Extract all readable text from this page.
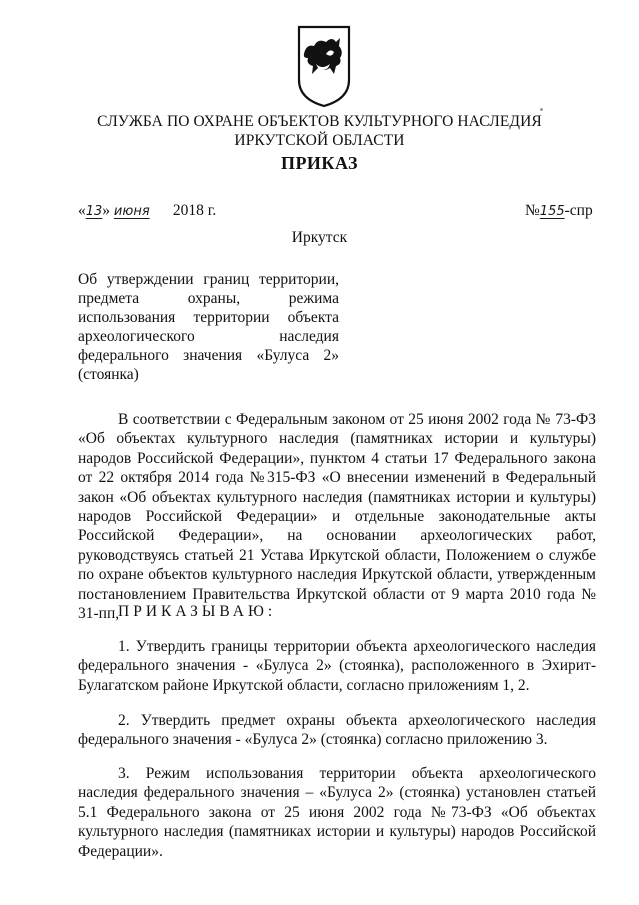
СЛУЖБА ПО ОХРАНЕ ОБЪЕКТОВ КУЛЬТУРНОГО НАСЛЕДИЯ
ИРКУТСКОЙ ОБЛАСТИ
ПРИКАЗ
«13» июня 2018 г.	№155-спр
Иркутск
Об утверждении границ территории, предмета охраны, режима использования территории объекта археологического наследия федерального значения «Булуса 2» (стоянка)
В соответствии с Федеральным законом от 25 июня 2002 года № 73-ФЗ «Об объектах культурного наследия (памятниках истории и культуры) народов Российской Федерации», пунктом 4 статьи 17 Федерального закона от 22 октября 2014 года №315-ФЗ «О внесении изменений в Федеральный закон «Об объектах культурного наследия (памятниках истории и культуры) народов Российской Федерации» и отдельные законодательные акты Российской Федерации», на основании археологических работ, руководствуясь статьей 21 Устава Иркутской области, Положением о службе по охране объектов культурного наследия Иркутской области, утвержденным постановлением Правительства Иркутской области от 9 марта 2010 года № 31-пп,
ПРИКАЗЫВАЮ:
1. Утвердить границы территории объекта археологического наследия федерального значения - «Булуса 2» (стоянка), расположенного в Эхирит-Булагатском районе Иркутской области, согласно приложениям 1, 2.
2. Утвердить предмет охраны объекта археологического наследия федерального значения - «Булуса 2» (стоянка) согласно приложению 3.
3. Режим использования территории объекта археологического наследия федерального значения – «Булуса 2» (стоянка) установлен статьей 5.1 Федерального закона от 25 июня 2002 года №73-ФЗ «Об объектах культурного наследия (памятниках истории и культуры) народов Российской Федерации».
